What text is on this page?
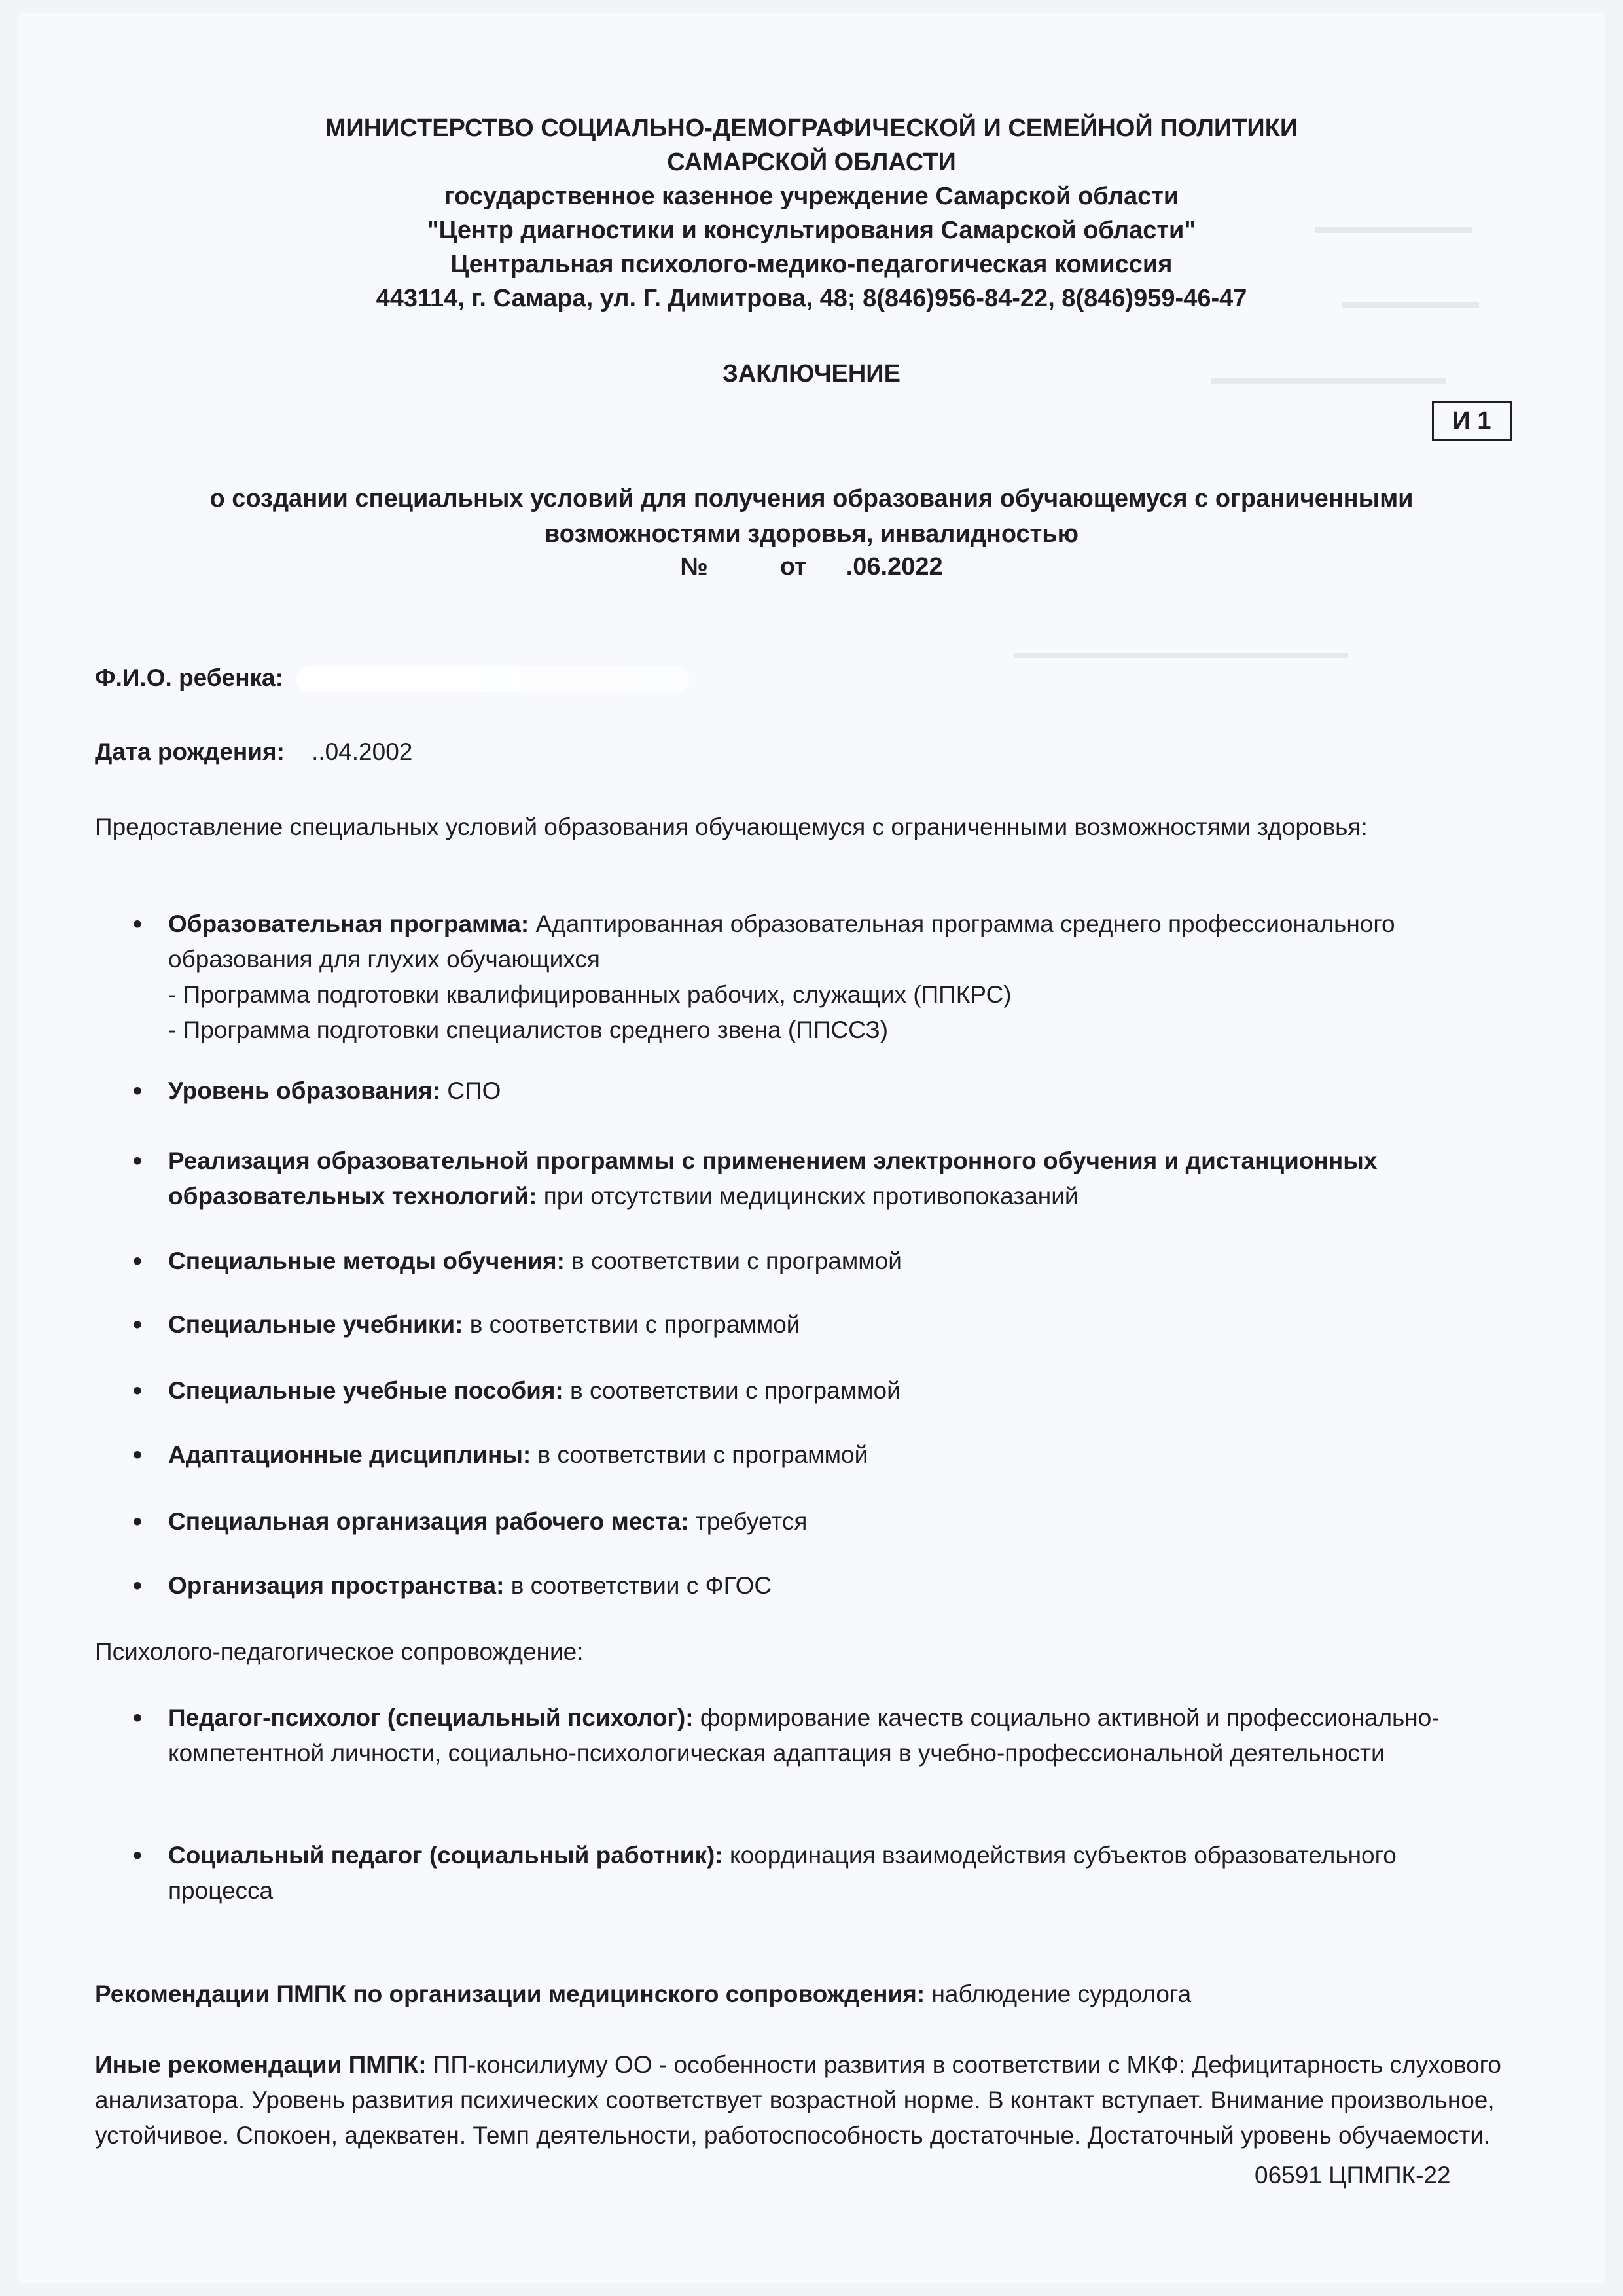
▬▬▬▬▬▬▬▬
▬▬▬▬▬▬▬
▬▬▬▬▬▬▬▬▬▬▬▬
▬▬▬▬▬▬▬▬▬▬▬▬▬▬▬▬▬
МИНИСТЕРСТВО СОЦИАЛЬНО-ДЕМОГРАФИЧЕСКОЙ И СЕМЕЙНОЙ ПОЛИТИКИ
САМАРСКОЙ ОБЛАСТИ
государственное казенное учреждение Самарской области
"Центр диагностики и консультирования Самарской области"
Центральная психолого-медико-педагогическая комиссия
443114, г. Самара, ул. Г. Димитрова, 48; 8(846)956-84-22, 8(846)959-46-47
ЗАКЛЮЧЕНИЕ
И 1
о создании специальных условий для получения образования обучающемуся с ограниченными
возможностями здоровья, инвалидностью
№	от .06.2022
Ф.И.О. ребенка:
Дата рождения: ..04.2002
Предоставление специальных условий образования обучающемуся с ограниченными возможностями здоровья:
• Образовательная программа: Адаптированная образовательная программа среднего профессионального образования для глухих обучающихся
- Программа подготовки квалифицированных рабочих, служащих (ППКРС)
- Программа подготовки специалистов среднего звена (ППССЗ)
• Уровень образования: СПО
• Реализация образовательной программы с применением электронного обучения и дистанционных образовательных технологий: при отсутствии медицинских противопоказаний
• Специальные методы обучения: в соответствии с программой
• Специальные учебники: в соответствии с программой
• Специальные учебные пособия: в соответствии с программой
• Адаптационные дисциплины: в соответствии с программой
• Специальная организация рабочего места: требуется
• Организация пространства: в соответствии с ФГОС
Психолого-педагогическое сопровождение:
• Педагог-психолог (специальный психолог): формирование качеств социально активной и профессионально-компетентной личности, социально-психологическая адаптация в учебно-профессиональной деятельности
• Социальный педагог (социальный работник): координация взаимодействия субъектов образовательного процесса
Рекомендации ПМПК по организации медицинского сопровождения: наблюдение сурдолога
Иные рекомендации ПМПК: ПП-консилиуму ОО - особенности развития в соответствии с МКФ: Дефицитарность слухового анализатора. Уровень развития психических соответствует возрастной норме. В контакт вступает. Внимание произвольное, устойчивое. Спокоен, адекватен. Темп деятельности, работоспособность достаточные. Достаточный уровень обучаемости.
06591 ЦПМПК-22
